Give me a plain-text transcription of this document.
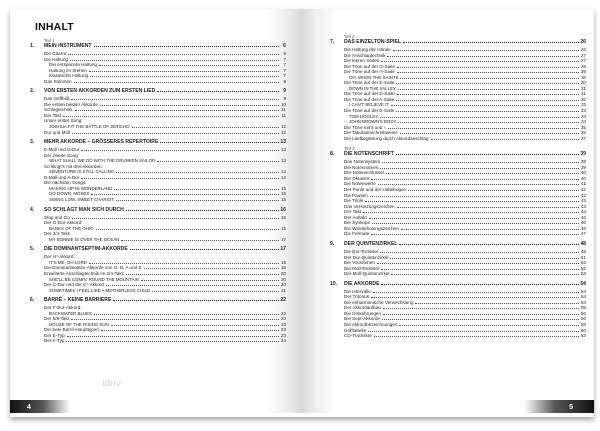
INHALT
Teil 1
1.	MEIN INSTRUMENT	6
Die Gitarre	6
Die Haltung	7
Die entspannte Haltung	7
Haltung im Stehen	7
Klassische Haltung	7
Das Stimmen	8
2.	VON ERSTEN AKKORDEN ZUM ERSTEN LIED	9
Das Griffbild	9
Die ersten beiden Akkorde	10
Schlagtechnik	11
Der Takt	11
Unser erster Song:
JOSHUA FIT THE BATTLE OF JERICHO	12
Dur und Moll	12
3.	MEHR AKKORDE – GRÖSSERES REPERTOIRE	13
E-Moll und D-Dur	13
Der zweite Song:
WHAT SHALL WE DO WITH THE DRUNKEN SAILOR	13
So klingt's mit drei Akkorden:
ADVENTURE IS STILL CALLING	14
D-Moll und A-Dur	14
Die nächsten Songs:
WAKING UP IN WONDERLAND	15
GO DOWN, MOSES	15
SWING LOW, SWEET CHARIOT	15
4.	SO SCHLÄGT MAN SICH DURCH	16
Stop and Go	16
Der G-Dur-Akkord:
BANKS OF THE OHIO	16
Der 3/4-Takt:
MY BONNIE IS OVER THE OCEAN	17
5.	DIE DOMINANTSEPTIM-AKKORDE	17
Der H⁷-Akkord:
IT'S ME, OH LORD	18
Die Dominantseptim-Akkorde von G, D, A und E	18
Erweiterte Anschlagtechnik im 2/4-Takt:	20
SHE'LL BE COMIN' ROUND THE MOUNTAIN	20
Der C-Dur und der C⁷-Akkord	20
SOMETIMES I FEEL LIKE A MOTHERLESS CHILD	21
6.	BARRÉ – KEINE BARRIERE	22
Der F-Dur-Akkord:
BACKWATER BLUES	22
Der 6/8-Takt	23
HOUSE OF THE RISING SUN	23
Die zwei Barré-Haupttypen	23
Der E-Typ	23
Der A-Typ	24
idnv
4
Teil 2
7.	DAS EINZELTON-SPIEL	26
Die Haltung der Hände	26
Die Anschlagtechnik	27
Die leeren Saiten	27
Die Töne auf der G-Saite	28
Die Töne auf der H-Saite	29
OH, WHEN THE SAINTS	30
Die Töne auf der E-Saite	30
DOWN IN THE VALLEY	31
Die Töne auf der D-Saite	31
Die Töne auf der A-Saite	32
I CAN'T BELIEVE IT	33
Die Töne auf der E-Saite	33
TOM DOOLEY	34
JOHN BROWN'S BODY	34
Die Töne mit ♯ und ♭	35
Die Tabulaturschreibweise	35
Die Liedbegleitung durch Akkordanschlag	37
Teil 3
8.	DIE NOTENSCHRIFT	39
Das Notensystem	39
Die Notennamen	39
Der Notenschlüssel	40
Die Oktaven	40
Die Notenwerte	41
Der Punkt und der Haltebogen	42
Die Pausen	42
Die Triole	43
Das Versetzungszeichen	43
Der Takt	44
Der Auftakt	46
Die Synkope	46
Die Wiederholungszeichen	46
Die Fermate	47
9.	DER QUINTENZIRKEL	48
Die Dur-Tonleiter	48
Der Dur-Quintenzirkel	51
Die Vorzeichen	52
Die Moll-Tonleiter	52
Der Moll-Quintenzirkel	53
10.	DIE AKKORDE	54
Die Intervalle	54
Der Tritonus	54
Die enharmonische Verwechslung	54
Der Akkordaufbau	55
Die Umkehrungen	56
Die Sept-Akkorde	56
Die Akkordbezeichnungen	58
Grifftabelle	60
CD-Trackliste	62
5
